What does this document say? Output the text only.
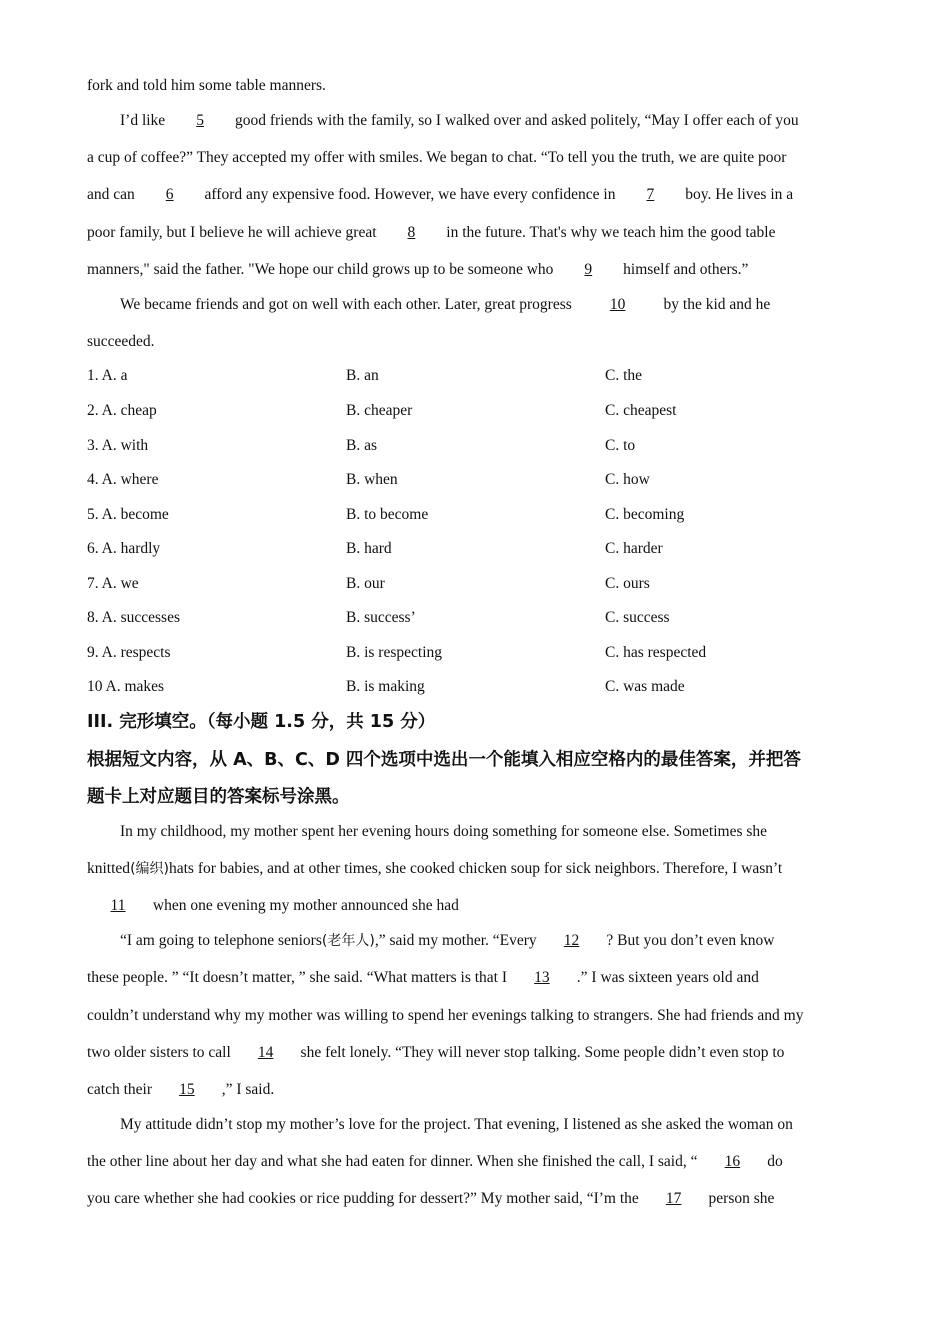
fork and told him some table manners.
I’d like 5 good friends with the family, so I walked over and asked politely, “May I offer each of you
a cup of coffee?” They accepted my offer with smiles. We began to chat. “To tell you the truth, we are quite poor
and can 6 afford any expensive food. However, we have every confidence in 7 boy. He lives in a
poor family, but I believe he will achieve great 8 in the future. That's why we teach him the good table
manners," said the father. "We hope our child grows up to be someone who 9 himself and others.”
We became friends and got on well with each other. Later, great progress 10 by the kid and he
succeeded.
1. A. a	B. an	C. the
2. A. cheap	B. cheaper	C. cheapest
3. A. with	B. as	C. to
4. A. where	B. when	C. how
5. A. become	B. to become	C. becoming
6. A. hardly	B. hard	C. harder
7. A. we	B. our	C. ours
8. A. successes	B. success’	C. success
9. A. respects	B. is respecting	C. has respected
10 A. makes	B. is making	C. was made
III. 完形填空。（每小题 1.5 分，共 15 分）
根据短文内容，从 A、B、C、D 四个选项中选出一个能填入相应空格内的最佳答案，并把答
题卡上对应题目的答案标号涂黑。
In my childhood, my mother spent her evening hours doing something for someone else. Sometimes she
knitted(编织)hats for babies, and at other times, she cooked chicken soup for sick neighbors. Therefore, I wasn’t
11 when one evening my mother announced she had
“I am going to telephone seniors(老年人),” said my mother. “Every 12 ? But you don’t even know
these people. ” “It doesn’t matter, ” she said. “What matters is that I 13 .” I was sixteen years old and
couldn’t understand why my mother was willing to spend her evenings talking to strangers. She had friends and my
two older sisters to call 14 she felt lonely. “They will never stop talking. Some people didn’t even stop to
catch their 15 ,” I said.
My attitude didn’t stop my mother’s love for the project. That evening, I listened as she asked the woman on
the other line about her day and what she had eaten for dinner. When she finished the call, I said, “ 16 do
you care whether she had cookies or rice pudding for dessert?” My mother said, “I’m the 17 person she
